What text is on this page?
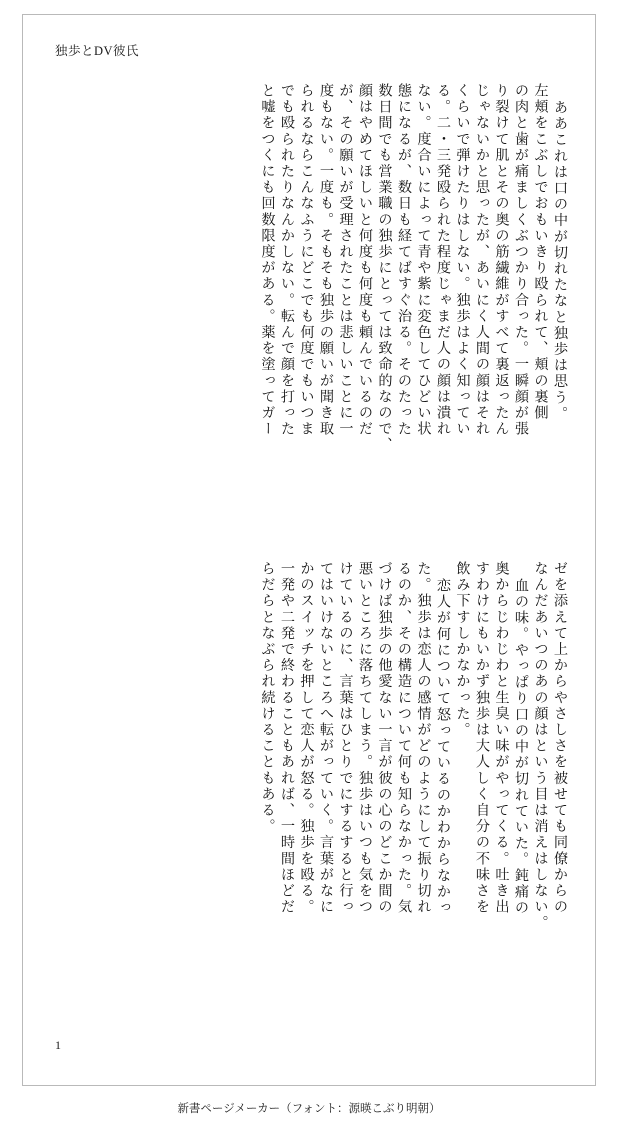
独歩とDV彼氏
ああこれは口の中が切れたなと独歩は思う。
左頬をこぶしでおもいきり殴られて、頬の裏側
の肉と歯が痛ましくぶつかり合った。一瞬顔が張
り裂けて肌とその奥の筋繊維がすべて裏返ったん
じゃないかと思ったが、あいにく人間の顔はそれ
くらいで弾けたりはしない。独歩はよく知ってい
る。二・三発殴られた程度じゃまだ人の顔は潰れ
ない。度合いによって青や紫に変色してひどい状
態になるが、数日も経てばすぐ治る。そのたった
数日間でも営業職の独歩にとっては致命的なので、
顔はやめてほしいと何度も何度も頼んでいるのだ
が、その願いが受理されたことは悲しいことに一
度もない。一度も。そもそも独歩の願いが聞き取
られるならこんなふうにどこでも何度でもいつま
でも殴られたりなんかしない。転んで顔を打った
と嘘をつくにも回数限度がある。薬を塗ってガー
ゼを添えて上からやさしさを被せても同僚からの
なんだあいつのあの顔はという目は消えはしない。
血の味。やっぱり口の中が切れていた。鈍痛の
奥からじわじわと生臭い味がやってくる。吐き出
すわけにもいかず独歩は大人しく自分の不味さを
飲み下すしかなかった。
恋人が何について怒っているのかわからなかっ
た。独歩は恋人の感情がどのようにして振り切れ
るのか、その構造について何も知らなかった。気
づけば独歩の他愛ない一言が彼の心のどこか間の
悪いところに落ちてしまう。独歩はいつも気をつ
けているのに、言葉はひとりでにするすると行っ
てはいけないところへ転がっていく。言葉がなに
かのスイッチを押して恋人が怒る。独歩を殴る。
一発や二発で終わることもあれば、一時間ほどだ
らだらとなぶられ続けることもある。
1
新書ページメーカー（フォント：源暎こぶり明朝）
